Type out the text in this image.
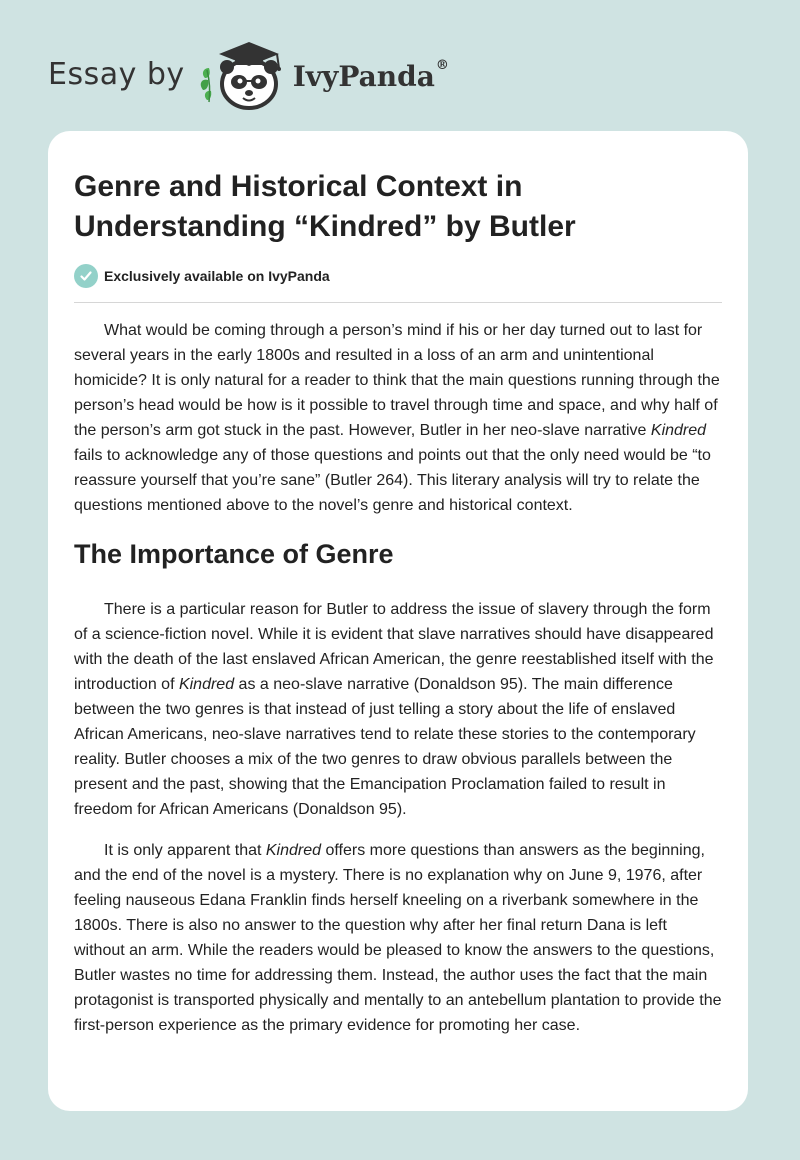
Essay by	IvyPanda®
Genre and Historical Context in Understanding “Kindred” by Butler
Exclusively available on IvyPanda

What would be coming through a person’s mind if his or her day turned out to last for several years in the early 1800s and resulted in a loss of an arm and unintentional homicide? It is only natural for a reader to think that the main questions running through the person’s head would be how is it possible to travel through time and space, and why half of the person’s arm got stuck in the past. However, Butler in her neo-slave narrative Kindred fails to acknowledge any of those questions and points out that the only need would be “to reassure yourself that you’re sane” (Butler 264). This literary analysis will try to relate the questions mentioned above to the novel’s genre and historical context.

The Importance of Genre

There is a particular reason for Butler to address the issue of slavery through the form of a science-fiction novel. While it is evident that slave narratives should have disappeared with the death of the last enslaved African American, the genre reestablished itself with the introduction of Kindred as a neo-slave narrative (Donaldson 95). The main difference between the two genres is that instead of just telling a story about the life of enslaved African Americans, neo-slave narratives tend to relate these stories to the contemporary reality. Butler chooses a mix of the two genres to draw obvious parallels between the present and the past, showing that the Emancipation Proclamation failed to result in freedom for African Americans (Donaldson 95).

It is only apparent that Kindred offers more questions than answers as the beginning, and the end of the novel is a mystery. There is no explanation why on June 9, 1976, after feeling nauseous Edana Franklin finds herself kneeling on a riverbank somewhere in the 1800s. There is also no answer to the question why after her final return Dana is left without an arm. While the readers would be pleased to know the answers to the questions, Butler wastes no time for addressing them. Instead, the author uses the fact that the main protagonist is transported physically and mentally to an antebellum plantation to provide the first-person experience as the primary evidence for promoting her case.
